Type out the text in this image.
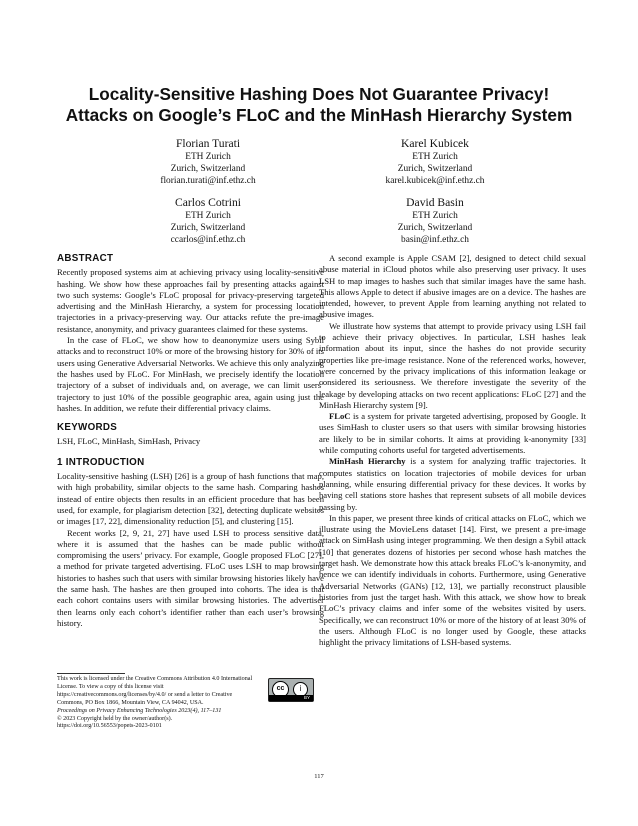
Locality-Sensitive Hashing Does Not Guarantee Privacy!
Attacks on Google’s FLoC and the MinHash Hierarchy System
Florian Turati
ETH Zurich
Zurich, Switzerland
florian.turati@inf.ethz.ch
Karel Kubicek
ETH Zurich
Zurich, Switzerland
karel.kubicek@inf.ethz.ch
Carlos Cotrini
ETH Zurich
Zurich, Switzerland
ccarlos@inf.ethz.ch
David Basin
ETH Zurich
Zurich, Switzerland
basin@inf.ethz.ch
ABSTRACT

Recently proposed systems aim at achieving privacy using locality-sensitive hashing. We show how these approaches fail by presenting attacks against two such systems: Google’s FLoC proposal for privacy-preserving targeted advertising and the MinHash Hierarchy, a system for processing location trajectories in a privacy-preserving way. Our attacks refute the pre-image resistance, anonymity, and privacy guarantees claimed for these systems.

In the case of FLoC, we show how to deanonymize users using Sybil attacks and to reconstruct 10% or more of the browsing history for 30% of its users using Generative Adversarial Networks. We achieve this only analyzing the hashes used by FLoC. For MinHash, we precisely identify the location trajectory of a subset of individuals and, on average, we can limit users’ trajectory to just 10% of the possible geographic area, again using just the hashes. In addition, we refute their differential privacy claims.

KEYWORDS

LSH, FLoC, MinHash, SimHash, Privacy

1 INTRODUCTION

Locality-sensitive hashing (LSH) [26] is a group of hash functions that map, with high probability, similar objects to the same hash. Comparing hashes instead of entire objects then results in an efficient procedure that has been used, for example, for plagiarism detection [32], detecting duplicate websites or images [17, 22], dimensionality reduction [5], and clustering [15].

Recent works [2, 9, 21, 27] have used LSH to process sensitive data, where it is assumed that the hashes can be made public without compromising the users’ privacy. For example, Google proposed FLoC [27], a method for private targeted advertising. FLoC uses LSH to map browsing histories to hashes such that users with similar browsing histories likely have the same hash. The hashes are then grouped into cohorts. The idea is that each cohort contains users with similar browsing histories. The advertiser then learns only each cohort’s identifier rather than each user’s browsing history.

A second example is Apple CSAM [2], designed to detect child sexual abuse material in iCloud photos while also preserving user privacy. It uses LSH to map images to hashes such that similar images have the same hash. This allows Apple to detect if abusive images are on a device. The hashes are intended, however, to prevent Apple from learning anything not related to abusive images.

We illustrate how systems that attempt to provide privacy using LSH fail to achieve their privacy objectives. In particular, LSH hashes leak information about its input, since the hashes do not provide security properties like pre-image resistance. None of the referenced works, however, were concerned by the privacy implications of this information leakage or considered its seriousness. We therefore investigate the severity of the leakage by developing attacks on two recent applications: FLoC [27] and the MinHash Hierarchy system [9].

FLoC is a system for private targeted advertising, proposed by Google. It uses SimHash to cluster users so that users with similar browsing histories are likely to be in similar cohorts. It aims at providing k-anonymity [33] while computing cohorts useful for targeted advertisements.

MinHash Hierarchy is a system for analyzing traffic trajectories. It computes statistics on location trajectories of mobile devices for urban planning, while ensuring differential privacy for these devices. It works by having cell stations store hashes that represent subsets of all mobile devices passing by.

In this paper, we present three kinds of critical attacks on FLoC, which we illustrate using the MovieLens dataset [14]. First, we present a pre-image attack on SimHash using integer programming. We then design a Sybil attack [10] that generates dozens of histories per second whose hash matches the target hash. We demonstrate how this attack breaks FLoC’s k-anonymity, and hence we can identify individuals in cohorts. Furthermore, using Generative Adversarial Networks (GANs) [12, 13], we partially reconstruct plausible histories from just the target hash. With this attack, we show how to break FLoC’s privacy claims and infer some of the websites visited by users. Specifically, we can reconstruct 10% or more of the history of at least 30% of the users. Although FLoC is no longer used by Google, these attacks highlight the privacy limitations of LSH-based systems.

This work is licensed under the Creative Commons Attribution 4.0 International License. To view a copy of this license visit https://creativecommons.org/licenses/by/4.0/ or send a letter to Creative Commons, PO Box 1866, Mountain View, CA 94042, USA.
Proceedings on Privacy Enhancing Technologies 2023(4), 117–131
© 2023 Copyright held by the owner/author(s).
https://doi.org/10.56553/popets-2023-0101
cc	i
BY
117
